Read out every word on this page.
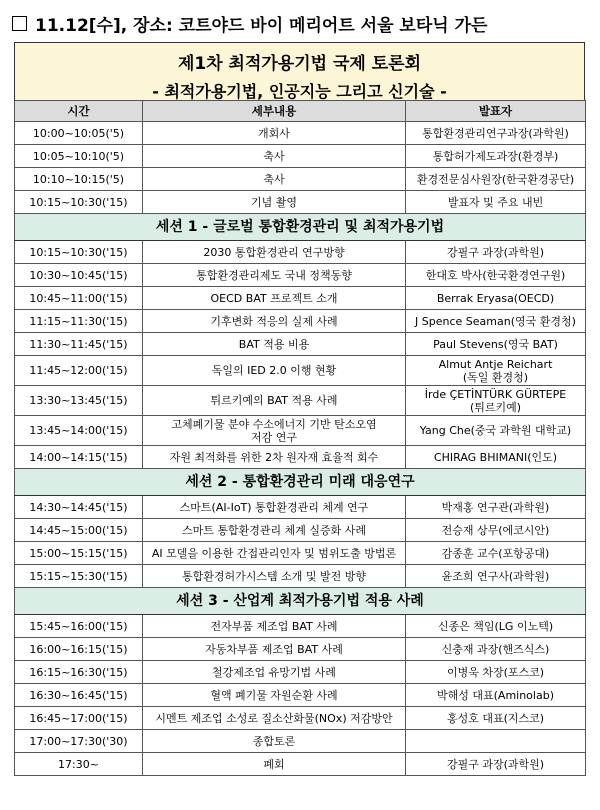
11.12[수], 장소: 코트야드 바이 메리어트 서울 보타닉 가든
제1차 최적가용기법 국제 토론회
- 최적가용기법, 인공지능 그리고 신기술 -
시간	세부내용	발표자
10:00~10:05('5)	개회사	통합환경관리연구과장(과학원)

10:05~10:10('5)	축사	통합허가제도과장(환경부)

10:10~10:15('5)	축사	환경전문심사원장(한국환경공단)

10:15~10:30('15)	기념 촬영	발표자 및 주요 내빈

세션 1 - 글로벌 통합환경관리 및 최적가용기법		
10:15~10:30('15)	2030 통합환경관리 연구방향	강필구 과장(과학원)

10:30~10:45('15)	통합환경관리제도 국내 정책동향	한대호 박사(한국환경연구원)

10:45~11:00('15)	OECD BAT 프로젝트 소개	Berrak Eryasa(OECD)

11:15~11:30('15)	기후변화 적응의 실제 사례	J Spence Seaman(영국 환경청)

11:30~11:45('15)	BAT 적용 비용	Paul Stevens(영국 BAT)

11:45~12:00('15)	독일의 IED 2.0 이행 현황	Almut Antje Reichart
(독일 환경청)

13:30~13:45('15)	튀르키예의 BAT 적용 사례	İrde ÇETİNTÜRK GÜRTEPE
(튀르키예)

13:45~14:00('15)	고체폐기물 분야 수소에너지 기반 탄소오염
저감 연구	Yang Che(중국 과학원 대학교)

14:00~14:15('15)	자원 최적화를 위한 2차 원자재 효율적 회수	CHIRAG BHIMANI(인도)

세션 2 - 통합환경관리 미래 대응연구		
14:30~14:45('15)	스마트(AI-IoT) 통합환경관리 체계 연구	박재홍 연구관(과학원)

14:45~15:00('15)	스마트 통합환경관리 체계 실증화 사례	전승재 상무(에코시안)

15:00~15:15('15)	AI 모델을 이용한 간접관리인자 및 범위도출 방법론	감종훈 교수(포항공대)

15:15~15:30('15)	통합환경허가시스템 소개 및 발전 방향	윤조희 연구사(과학원)

세션 3 - 산업계 최적가용기법 적용 사례		
15:45~16:00('15)	전자부품 제조업 BAT 사례	신종은 책임(LG 이노텍)

16:00~16:15('15)	자동차부품 제조업 BAT 사례	신충재 과장(핸즈식스)

16:15~16:30('15)	철강제조업 유망기법 사례	이병욱 차장(포스코)

16:30~16:45('15)	혈액 폐기물 자원순환 사례	박해성 대표(Aminolab)

16:45~17:00('15)	시멘트 제조업 소성로 질소산화물(NOx) 저감방안	홍성호 대표(지스코)

17:00~17:30('30)	종합토론	

17:30~	폐회	강필구 과장(과학원)
